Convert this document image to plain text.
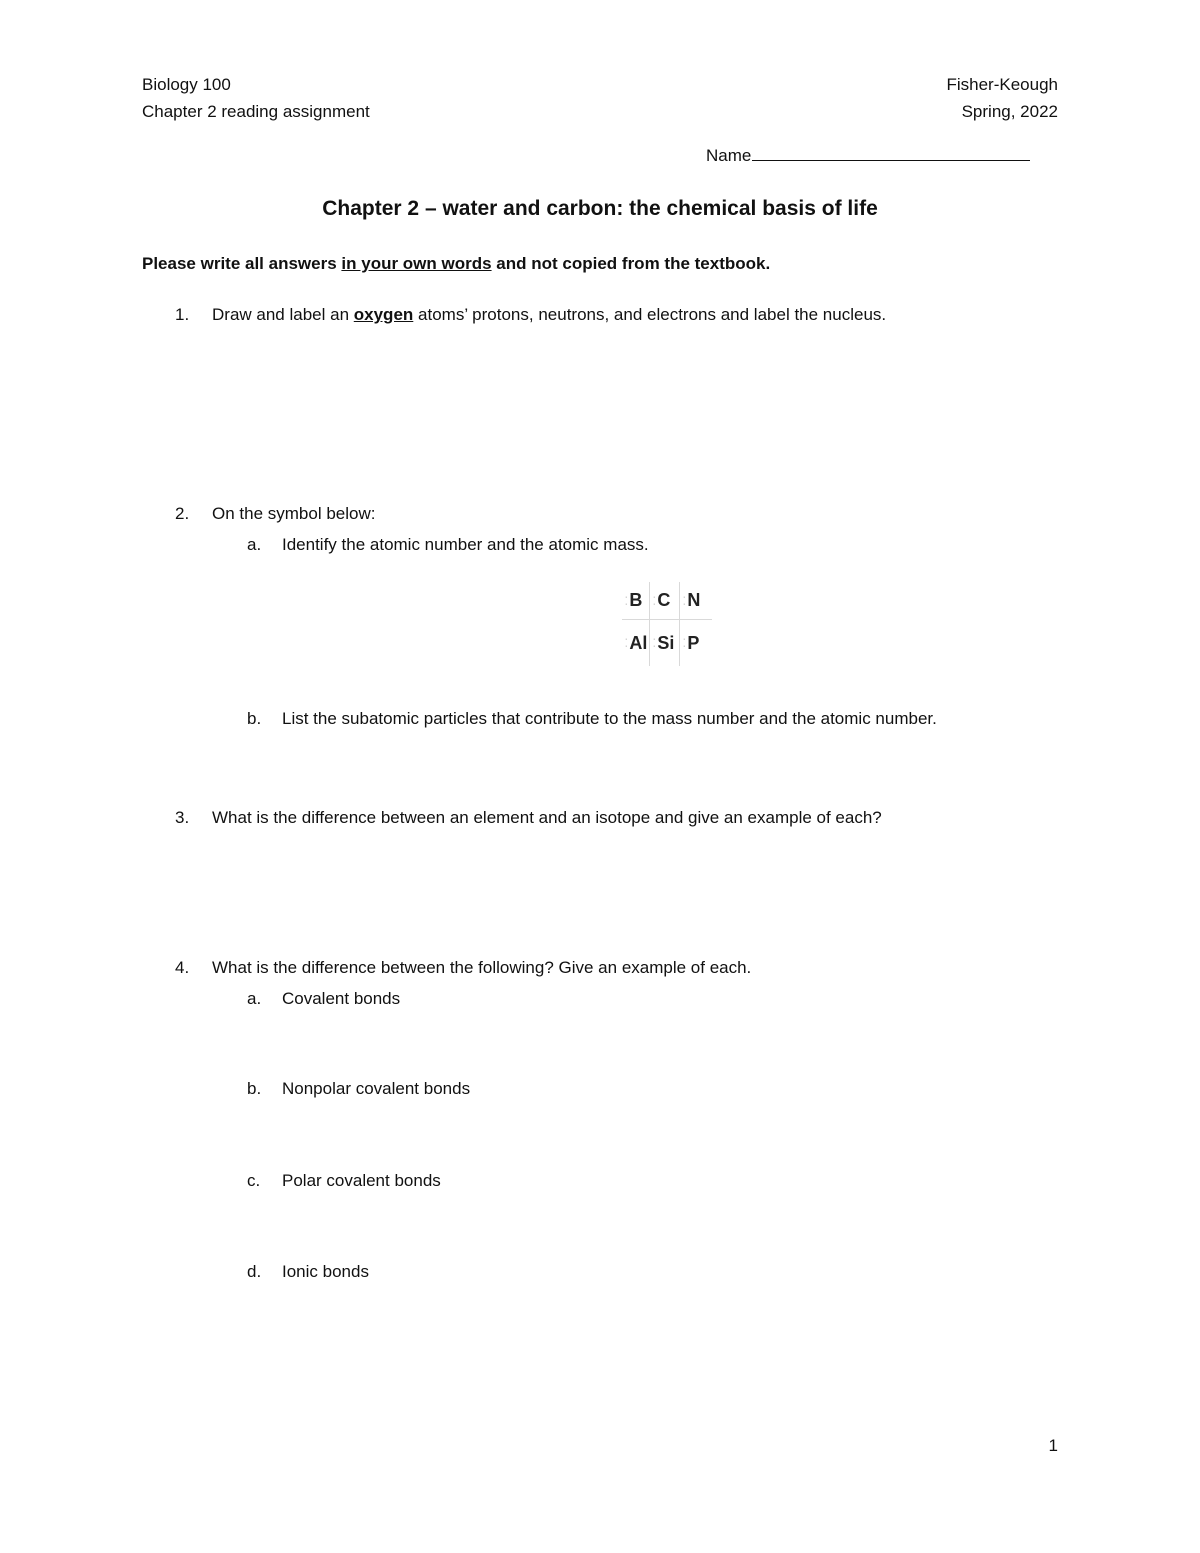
Biology 100
Chapter 2 reading assignment
Fisher-Keough
Spring, 2022
Name
Chapter 2 – water and carbon: the chemical basis of life
Please write all answers in your own words and not copied from the textbook.
1. Draw and label an oxygen atoms’ protons, neutrons, and electrons and label the nucleus.
2. On the symbol below:
a. Identify the atomic number and the atomic mass.
·
· B ·
· C ·
· N
·
· Al ·
· Si ·
· P
b. List the subatomic particles that contribute to the mass number and the atomic number.
3. What is the difference between an element and an isotope and give an example of each?
4. What is the difference between the following? Give an example of each.
a. Covalent bonds
b. Nonpolar covalent bonds
c. Polar covalent bonds
d. Ionic bonds
1
